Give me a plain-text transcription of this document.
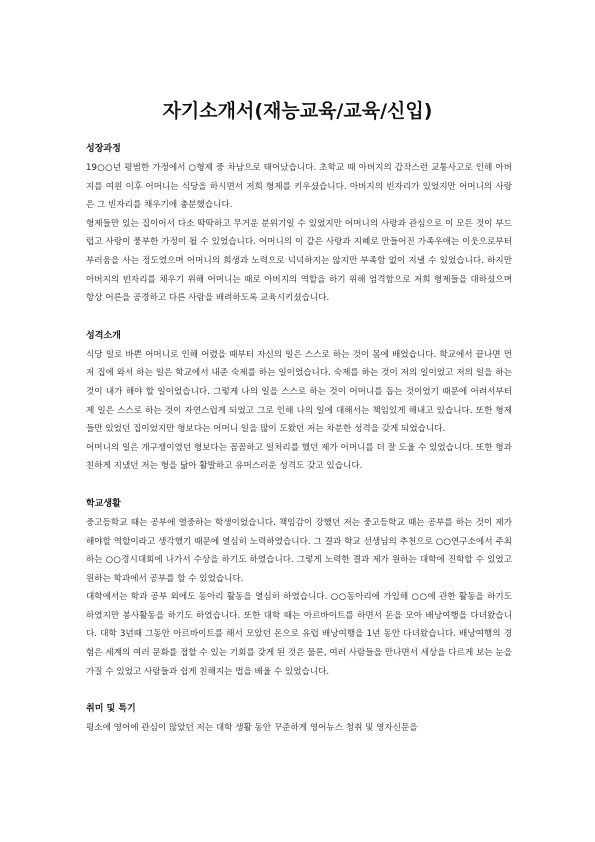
자기소개서(재능교육/교육/신입)
성장과정

19○○년 평범한 가정에서 ○형제 중 차남으로 태어났습니다. 초학교 때 아버지의 갑작스런 교통사고로 인해 아버지를 여읜 이후 어머니는 식당을 하시면서 저희 형제를 키우셨습니다. 아버지의 빈자리가 있었지만 어머니의 사랑은 그 빈자리를 채우기에 충분했습니다.

형제들만 있는 집이어서 다소 딱딱하고 무거운 분위기일 수 있었지만 어머니의 사랑과 관심으로 이 모든 것이 부드럽고 사랑이 풍부한 가정이 될 수 있었습니다. 어머니의 이 같은 사랑과 지혜로 만들어진 가족우애는 이웃으로부터 부러움을 사는 정도였으며 어머니의 희생과 노력으로 넉넉하지는 않지만 부족함 없이 지낼 수 있었습니다. 하지만 아버지의 빈자리를 채우기 위해 어머니는 때로 아버지의 역할을 하기 위해 엄격함으로 저희 형제들을 대하셨으며 항상 어른을 공경하고 다른 사람을 배려하도록 교육시키셨습니다.

성격소개

식당 일로 바쁜 어머니로 인해 어렸을 때부터 자신의 일은 스스로 하는 것이 몸에 배었습니다. 학교에서 끝나면 먼저 집에 와서 하는 일은 학교에서 내준 숙제를 하는 일이었습니다. 숙제를 하는 것이 저의 일이었고 저의 일을 하는 것이 내가 해야 할 일이었습니다. 그렇게 나의 일을 스스로 하는 것이 어머니를 돕는 것이었기 때문에 어려서부터 제 일은 스스로 하는 것이 자연스럽게 되었고 그로 인해 나의 일에 대해서는 책임있게 해내고 있습니다. 또한 형제들만 있었던 집이었지만 형보다는 어머니 일을 많이 도왔던 저는 차분한 성격을 갖게 되었습니다.

어머니의 일은 개구쟁이였던 형보다는 꼼꼼하고 일처리를 했던 제가 어머니를 더 잘 도울 수 있었습니다. 또한 형과 친하게 지냈던 저는 형을 닮아 활발하고 유머스러운 성격도 갖고 있습니다.

학교생활

중고등학교 때는 공부에 열중하는 학생이었습니다. 책임감이 강했던 저는 중고등학교 때는 공부를 하는 것이 제가 해야할 역할이라고 생각했기 때문에 열심히 노력하였습니다. 그 결과 학교 선생님의 추천으로 ○○연구소에서 주최하는 ○○경시대회에 나가서 수상을 하기도 하였습니다. 그렇게 노력한 결과 제가 원하는 대학에 진학할 수 있었고 원하는 학과에서 공부를 할 수 있었습니다.

대학에서는 학과 공부 외에도 동아리 활동을 열심히 하였습니다. ○○동아리에 가입해 ○○에 관한 활동을 하기도 하였지만 봉사활동을 하기도 하였습니다. 또한 대학 때는 아르바이트를 하면서 돈을 모아 배낭여행을 다녀왔습니다. 대학 3년때 그동안 아르바이트를 해서 모았던 돈으로 유럽 배낭여행을 1년 동안 다녀왔습니다. 배낭여행의 경험은 세계의 여러 문화를 접할 수 있는 기회를 갖게 된 것은 물론, 여러 사람들을 만나면서 세상을 다르게 보는 눈을 가질 수 있었고 사람들과 쉽게 친해지는 법을 배울 수 있었습니다.

취미 및 특기

평소에 영어에 관심이 많았던 저는 대학 생활 동안 꾸준하게 영어뉴스 청취 및 영자신문을
